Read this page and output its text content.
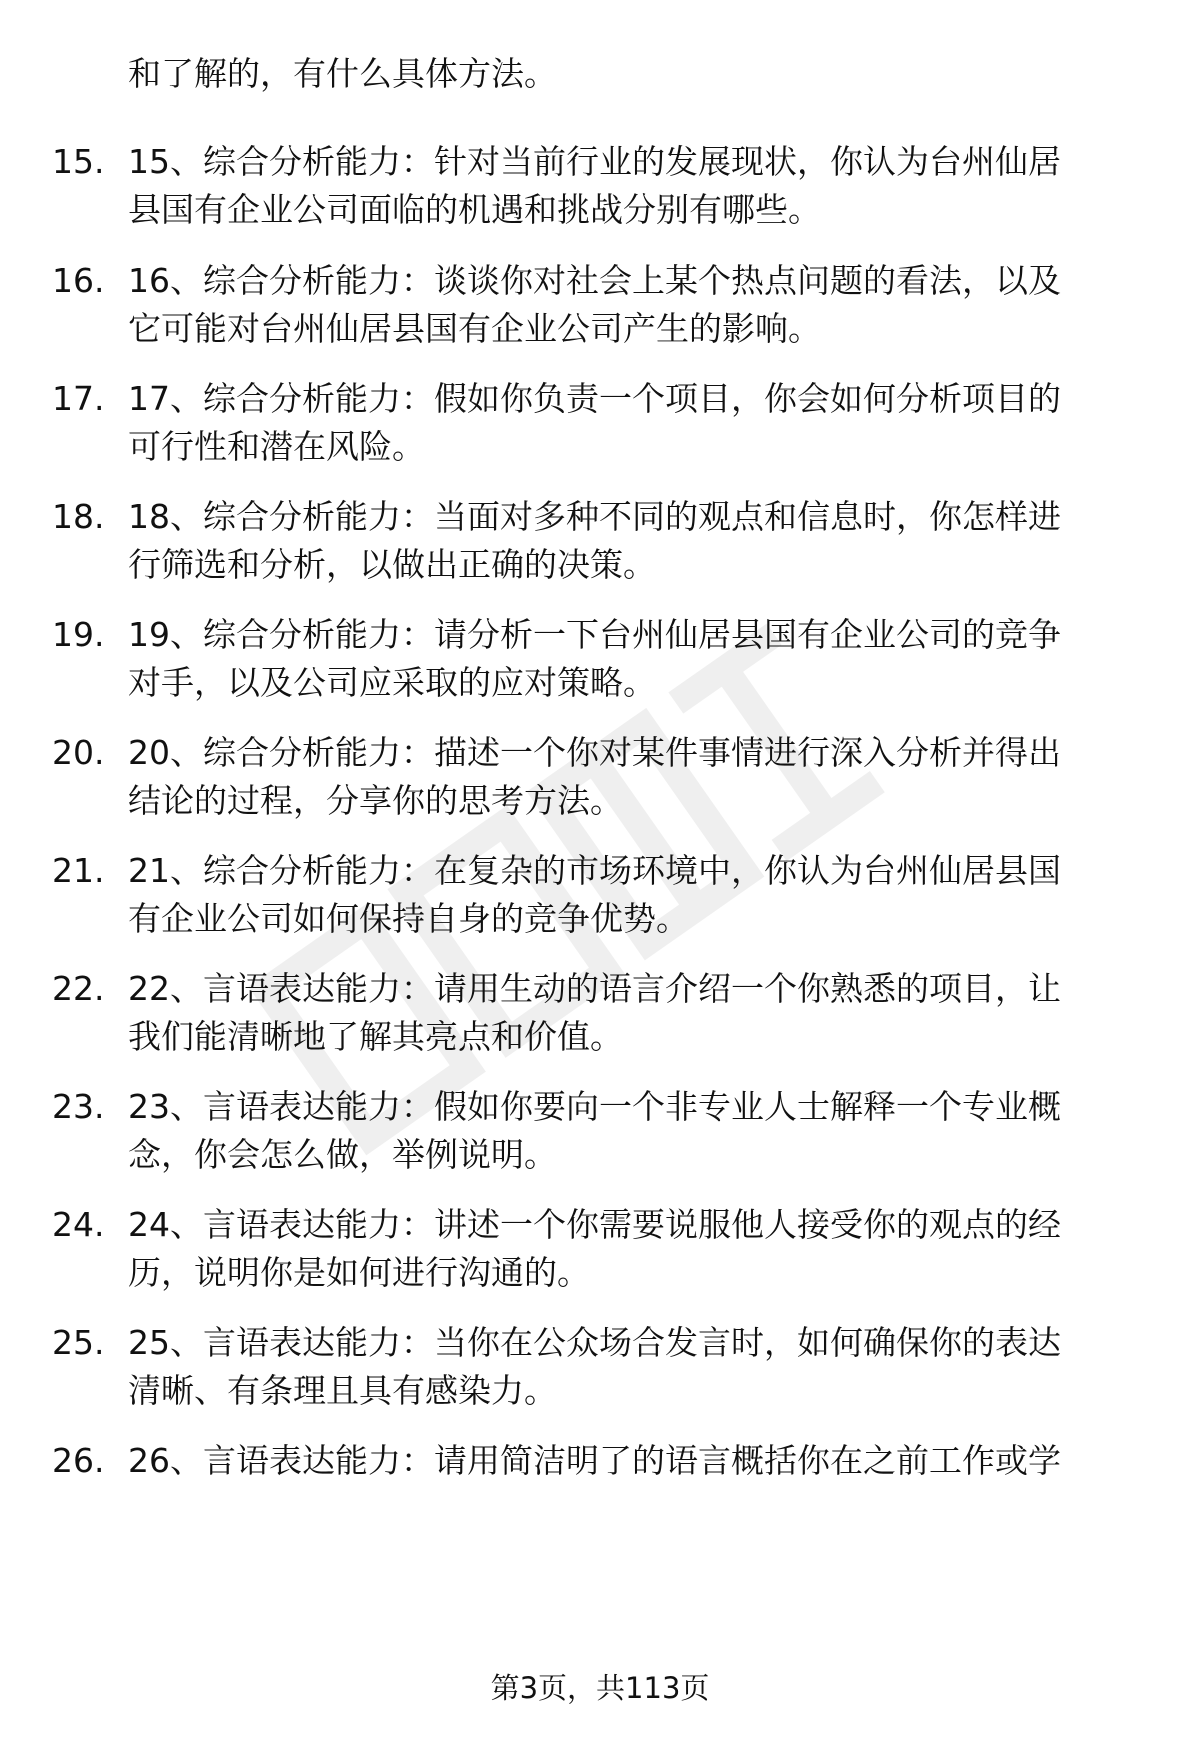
和了解的，有什么具体方法。
15. 15、综合分析能力：针对当前行业的发展现状，你认为台州仙居
县国有企业公司面临的机遇和挑战分别有哪些。
16. 16、综合分析能力：谈谈你对社会上某个热点问题的看法，以及
它可能对台州仙居县国有企业公司产生的影响。
17. 17、综合分析能力：假如你负责一个项目，你会如何分析项目的
可行性和潜在风险。
18. 18、综合分析能力：当面对多种不同的观点和信息时，你怎样进
行筛选和分析，以做出正确的决策。
19. 19、综合分析能力：请分析一下台州仙居县国有企业公司的竞争
对手，以及公司应采取的应对策略。
20. 20、综合分析能力：描述一个你对某件事情进行深入分析并得出
结论的过程，分享你的思考方法。
21. 21、综合分析能力：在复杂的市场环境中，你认为台州仙居县国
有企业公司如何保持自身的竞争优势。
22. 22、言语表达能力：请用生动的语言介绍一个你熟悉的项目，让
我们能清晰地了解其亮点和价值。
23. 23、言语表达能力：假如你要向一个非专业人士解释一个专业概
念，你会怎么做，举例说明。
24. 24、言语表达能力：讲述一个你需要说服他人接受你的观点的经
历，说明你是如何进行沟通的。
25. 25、言语表达能力：当你在公众场合发言时，如何确保你的表达
清晰、有条理且具有感染力。
26. 26、言语表达能力：请用简洁明了的语言概括你在之前工作或学
第3页，共113页
